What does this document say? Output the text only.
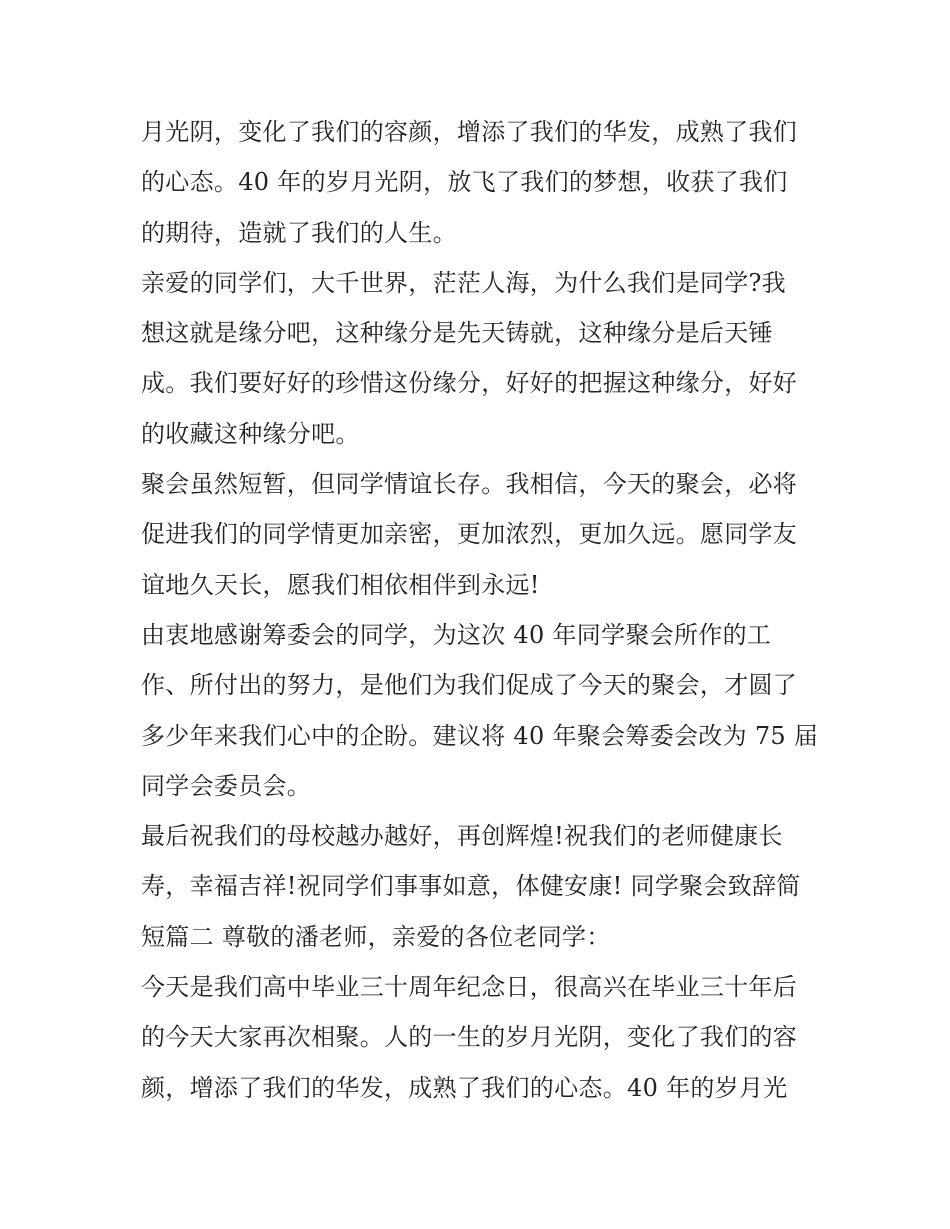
月光阴，变化了我们的容颜，增添了我们的华发，成熟了我们
的心态。40 年的岁月光阴，放飞了我们的梦想，收获了我们
的期待，造就了我们的人生。
亲爱的同学们，大千世界，茫茫人海，为什么我们是同学?我
想这就是缘分吧，这种缘分是先天铸就，这种缘分是后天锤
成。我们要好好的珍惜这份缘分，好好的把握这种缘分，好好
的收藏这种缘分吧。
聚会虽然短暂，但同学情谊长存。我相信，今天的聚会，必将
促进我们的同学情更加亲密，更加浓烈，更加久远。愿同学友
谊地久天长，愿我们相依相伴到永远!
由衷地感谢筹委会的同学，为这次 40 年同学聚会所作的工
作、所付出的努力，是他们为我们促成了今天的聚会，才圆了
多少年来我们心中的企盼。建议将 40 年聚会筹委会改为 75 届
同学会委员会。
最后祝我们的母校越办越好，再创辉煌!祝我们的老师健康长
寿，幸福吉祥!祝同学们事事如意，体健安康! 同学聚会致辞简
短篇二 尊敬的潘老师，亲爱的各位老同学：
今天是我们高中毕业三十周年纪念日，很高兴在毕业三十年后
的今天大家再次相聚。人的一生的岁月光阴，变化了我们的容
颜，增添了我们的华发，成熟了我们的心态。40 年的岁月光
